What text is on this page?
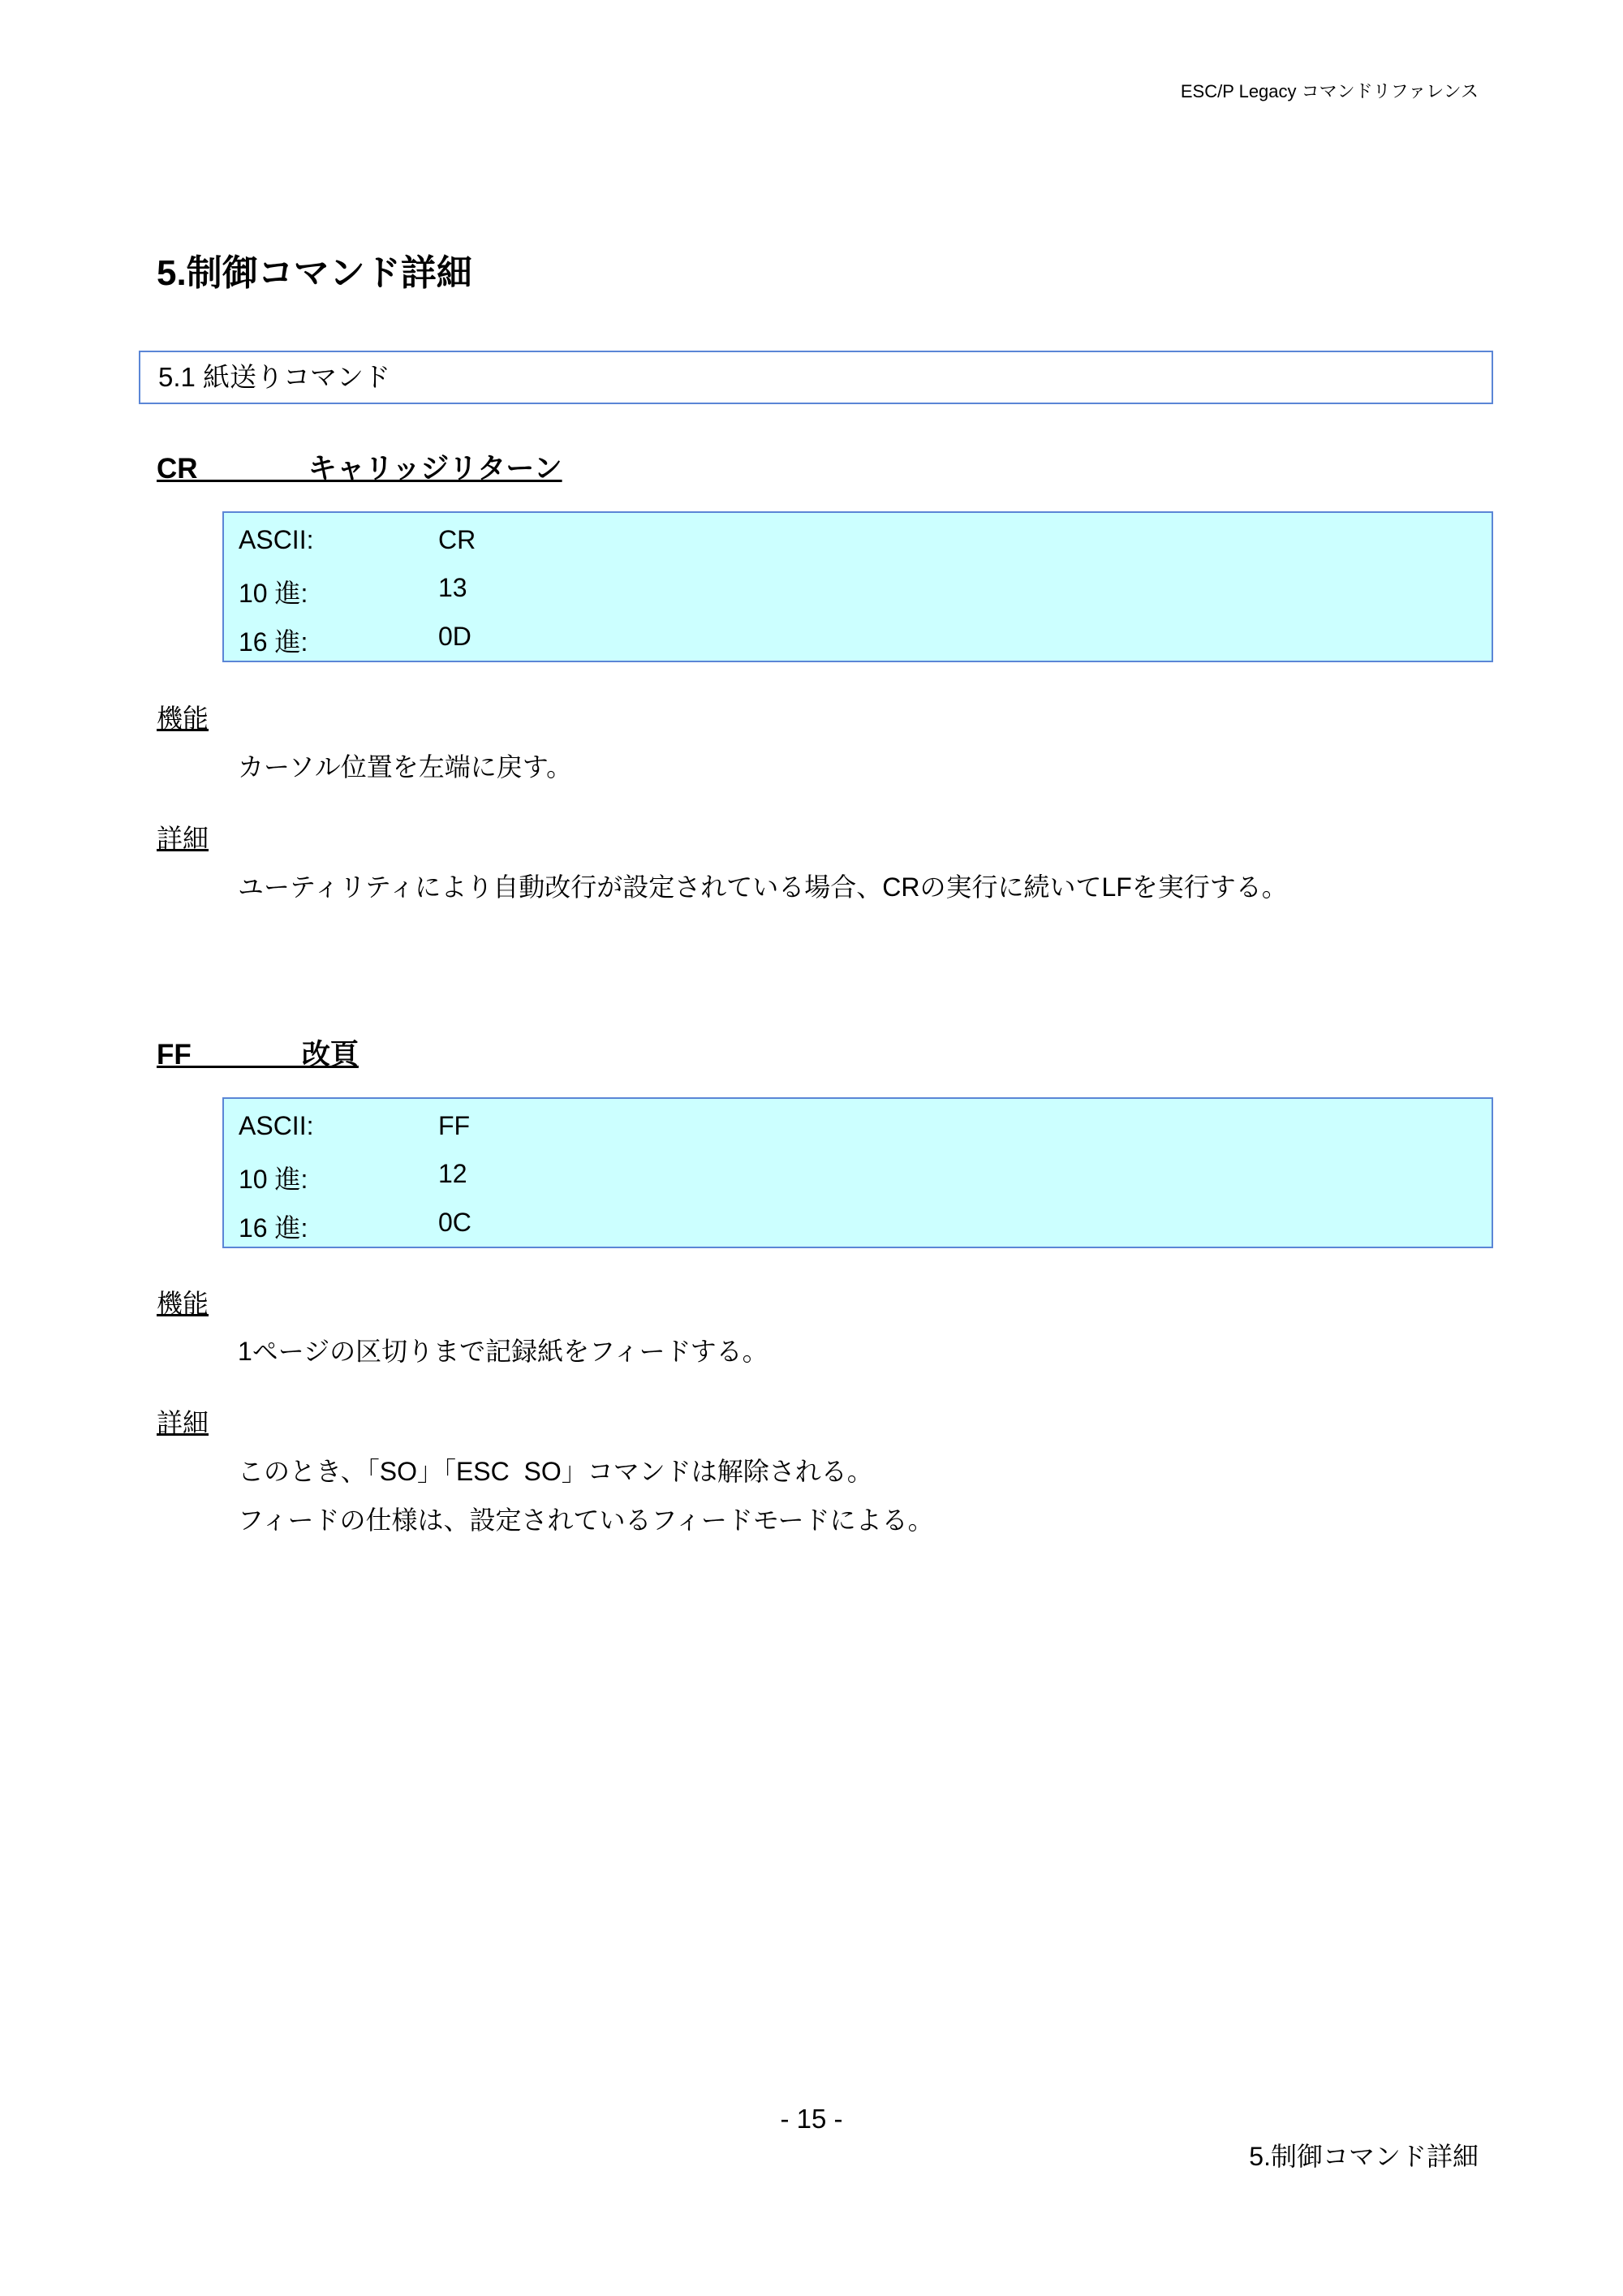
ESC/P Legacy コマンドリファレンス
5.制御コマンド詳細
5.1 紙送りコマンド
CR              キャリッジリターン
ASCII:	CR
10 進:	13
16 進:	0D
機能
カーソル位置を左端に戻す。
詳細
ユーティリティにより自動改行が設定されている場合、CRの実行に続いてLFを実行する。
FF              改頁
ASCII:	FF
10 進:	12
16 進:	0C
機能
1ページの区切りまで記録紙をフィードする。
詳細
このとき、「SO」「ESC  SO」コマンドは解除される。
フィードの仕様は、設定されているフィードモードによる。
- 15 -
5.制御コマンド詳細
